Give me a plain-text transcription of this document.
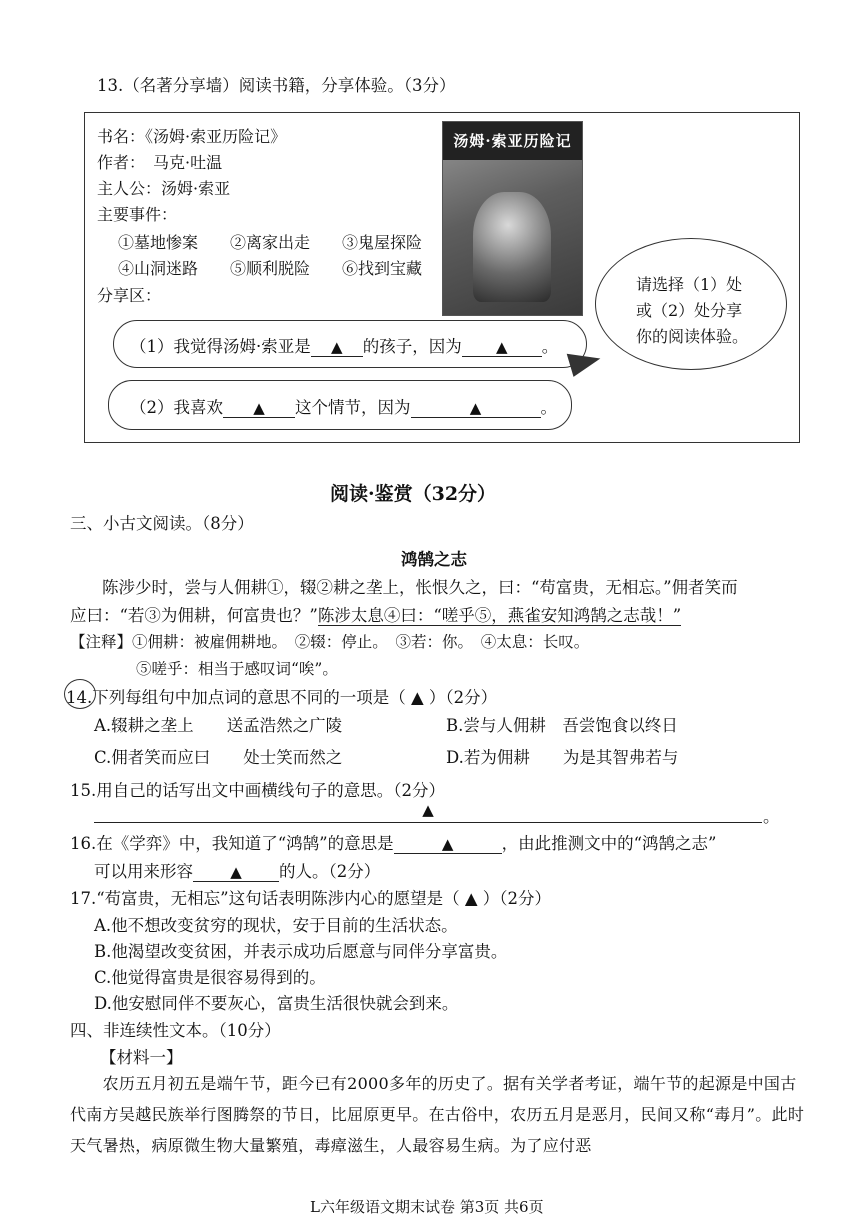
13.（名著分享墙）阅读书籍，分享体验。（3分）
书名：《汤姆·索亚历险记》
作者：　马克·吐温
主人公：汤姆·索亚
主要事件：
①墓地惨案　　②离家出走　　③鬼屋探险
④山洞迷路　　⑤顺利脱险　　⑥找到宝藏
分享区：
汤姆·索亚历险记
（1）我觉得汤姆·索亚是 ▲ 的孩子，因为 ▲ 。
（2）我喜欢 ▲ 这个情节，因为	▲	。
请选择（1）处
或（2）处分享
你的阅读体验。
阅读·鉴赏（32分）
三、小古文阅读。（8分）
鸿鹄之志
陈涉少时，尝与人佣耕①，辍②耕之垄上，怅恨久之，曰：“苟富贵，无相忘。”佣者笑而
应曰：“若③为佣耕，何富贵也？”陈涉太息④曰：“嗟乎⑤，燕雀安知鸿鹄之志哉！”
【注释】①佣耕：被雇佣耕地。　②辍：停止。　③若：你。　④太息：长叹。
⑤嗟乎：相当于感叹词“唉”。
14.下列每组句中加点词的意思不同的一项是（ ▲ ）（2分）
A.辍耕之垄上　　送孟浩然之广陵	B.尝与人佣耕　吾尝饱食以终日
C.佣者笑而应曰　　处士笑而然之	D.若为佣耕　　为是其智弗若与
15.用自己的话写出文中画横线句子的意思。（2分）
▲	。
16.在《学弈》中，我知道了“鸿鹄”的意思是	▲	，由此推测文中的“鸿鹄之志”
可以用来形容 ▲ 的人。（2分）
17.“苟富贵，无相忘”这句话表明陈涉内心的愿望是（ ▲ ）（2分）
A.他不想改变贫穷的现状，安于目前的生活状态。
B.他渴望改变贫困，并表示成功后愿意与同伴分享富贵。
C.他觉得富贵是很容易得到的。
D.他安慰同伴不要灰心，富贵生活很快就会到来。
四、非连续性文本。（10分）
【材料一】
　　农历五月初五是端午节，距今已有2000多年的历史了。据有关学者考证，端午节的起源是中国古代南方吴越民族举行图腾祭的节日，比屈原更早。在古俗中，农历五月是恶月，民间又称“毒月”。此时天气暑热，病原微生物大量繁殖，毒瘴滋生，人最容易生病。为了应付恶
L六年级语文期末试卷 第3页 共6页
